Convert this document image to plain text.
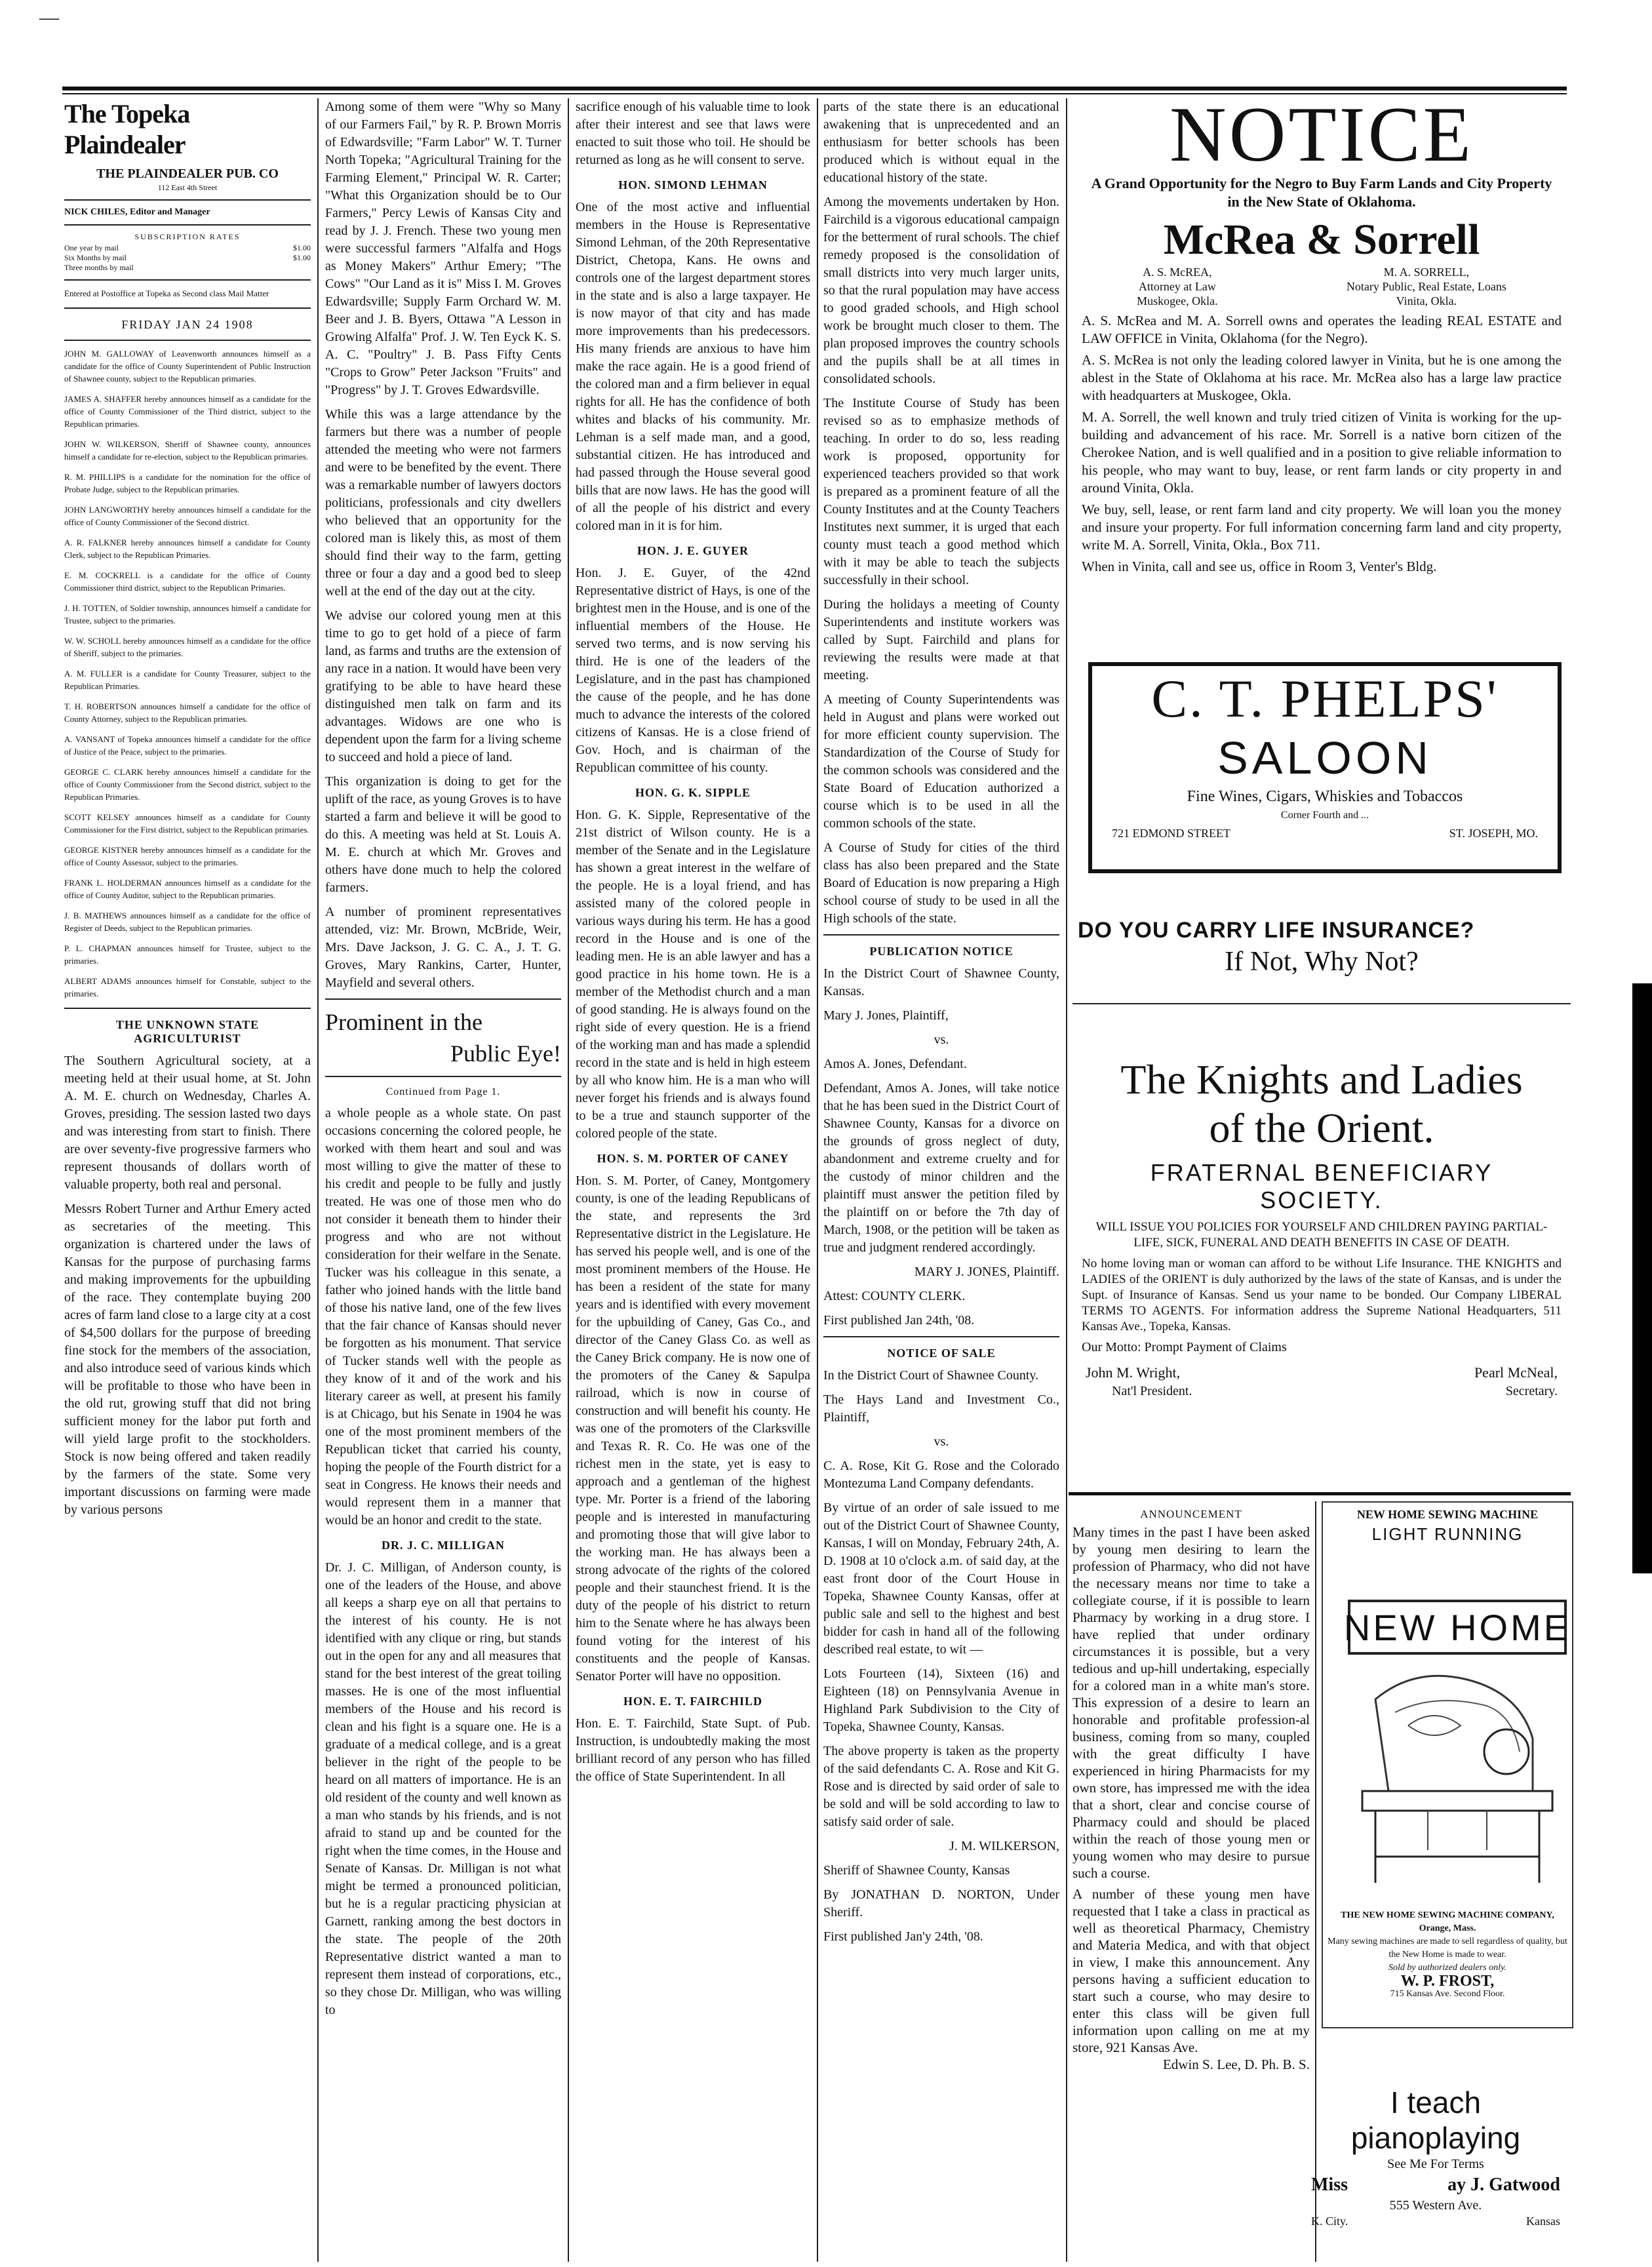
—
The Topeka Plaindealer

THE PLAINDEALER PUB. CO

112 East 4th Street

NICK CHILES, Editor and Manager

SUBSCRIPTION RATES

One year by mail	$1.00
Six Months by mail	$1.00
Three months by mail

Entered at Postoffice at Topeka as Second class Mail Matter

FRIDAY JAN 24 1908

JOHN M. GALLOWAY of Leavenworth announces himself as a candidate for the office of County Superintendent of Public Instruction of Shawnee county, subject to the Republican primaries.

JAMES A. SHAFFER hereby announces himself as a candidate for the office of County Commissioner of the Third district, subject to the Republican primaries.

JOHN W. WILKERSON, Sheriff of Shawnee county, announces himself a candidate for re-election, subject to the Republican primaries.

R. M. PHILLIPS is a candidate for the nomination for the office of Probate Judge, subject to the Republican primaries.

JOHN LANGWORTHY hereby announces himself a candidate for the office of County Commissioner of the Second district.

A. R. FALKNER hereby announces himself a candidate for County Clerk, subject to the Republican Primaries.

E. M. COCKRELL is a candidate for the office of County Commissioner third district, subject to the Republican Primaries.

J. H. TOTTEN, of Soldier township, announces himself a candidate for Trustee, subject to the primaries.

W. W. SCHOLL hereby announces himself as a candidate for the office of Sheriff, subject to the primaries.

A. M. FULLER is a candidate for County Treasurer, subject to the Republican Primaries.

T. H. ROBERTSON announces himself a candidate for the office of County Attorney, subject to the Republican primaries.

A. VANSANT of Topeka announces himself a candidate for the office of Justice of the Peace, subject to the primaries.

GEORGE C. CLARK hereby announces himself a candidate for the office of County Commissioner from the Second district, subject to the Republican Primaries.

SCOTT KELSEY announces himself as a candidate for County Commissioner for the First district, subject to the Republican primaries.

GEORGE KISTNER hereby announces himself as a candidate for the office of County Assessor, subject to the primaries.

FRANK L. HOLDERMAN announces himself as a candidate for the office of County Auditor, subject to the Republican primaries.

J. B. MATHEWS announces himself as a candidate for the office of Register of Deeds, subject to the Republican primaries.

P. L. CHAPMAN announces himself for Trustee, subject to the primaries.

ALBERT ADAMS announces himself for Constable, subject to the primaries.

THE UNKNOWN STATE AGRICULTURIST

The Southern Agricultural society, at a meeting held at their usual home, at St. John A. M. E. church on Wednesday, Charles A. Groves, presiding. The session lasted two days and was interesting from start to finish. There are over seventy-five progressive farmers who represent thousands of dollars worth of valuable property, both real and personal.

Messrs Robert Turner and Arthur Emery acted as secretaries of the meeting. This organization is chartered under the laws of Kansas for the purpose of purchasing farms and making improvements for the upbuilding of the race. They contemplate buying 200 acres of farm land close to a large city at a cost of $4,500 dollars for the purpose of breeding fine stock for the members of the association, and also introduce seed of various kinds which will be profitable to those who have been in the old rut, growing stuff that did not bring sufficient money for the labor put forth and will yield large profit to the stockholders. Stock is now being offered and taken readily by the farmers of the state. Some very important discussions on farming were made by various persons

Among some of them were "Why so Many of our Farmers Fail," by R. P. Brown Morris of Edwardsville; "Farm Labor" W. T. Turner North Topeka; "Agricultural Training for the Farming Element," Principal W. R. Carter; "What this Organization should be to Our Farmers," Percy Lewis of Kansas City and read by J. J. French. These two young men were successful farmers "Alfalfa and Hogs as Money Makers" Arthur Emery; "The Cows" "Our Land as it is" Miss I. M. Groves Edwardsville; Supply Farm Orchard W. M. Beer and J. B. Byers, Ottawa "A Lesson in Growing Alfalfa" Prof. J. W. Ten Eyck K. S. A. C. "Poultry" J. B. Pass Fifty Cents "Crops to Grow" Peter Jackson "Fruits" and "Progress" by J. T. Groves Edwardsville.

While this was a large attendance by the farmers but there was a number of people attended the meeting who were not farmers and were to be benefited by the event. There was a remarkable number of lawyers doctors politicians, professionals and city dwellers who believed that an opportunity for the colored man is likely this, as most of them should find their way to the farm, getting three or four a day and a good bed to sleep well at the end of the day out at the city.

We advise our colored young men at this time to go to get hold of a piece of farm land, as farms and truths are the extension of any race in a nation. It would have been very gratifying to be able to have heard these distinguished men talk on farm and its advantages. Widows are one who is dependent upon the farm for a living scheme to succeed and hold a piece of land.

This organization is doing to get for the uplift of the race, as young Groves is to have started a farm and believe it will be good to do this. A meeting was held at St. Louis A. M. E. church at which Mr. Groves and others have done much to help the colored farmers.

A number of prominent representatives attended, viz: Mr. Brown, McBride, Weir, Mrs. Dave Jackson, J. G. C. A., J. T. G. Groves, Mary Rankins, Carter, Hunter, Mayfield and several others.

Prominent in the
Public Eye!

Continued from Page 1.

a whole people as a whole state. On past occasions concerning the colored people, he worked with them heart and soul and was most willing to give the matter of these to his credit and people to be fully and justly treated. He was one of those men who do not consider it beneath them to hinder their progress and who are not without consideration for their welfare in the Senate. Tucker was his colleague in this senate, a father who joined hands with the little band of those his native land, one of the few lives that the fair chance of Kansas should never be forgotten as his monument. That service of Tucker stands well with the people as they know of it and of the work and his literary career as well, at present his family is at Chicago, but his Senate in 1904 he was one of the most prominent members of the Republican ticket that carried his county, hoping the people of the Fourth district for a seat in Congress. He knows their needs and would represent them in a manner that would be an honor and credit to the state.

DR. J. C. MILLIGAN

Dr. J. C. Milligan, of Anderson county, is one of the leaders of the House, and above all keeps a sharp eye on all that pertains to the interest of his county. He is not identified with any clique or ring, but stands out in the open for any and all measures that stand for the best interest of the great toiling masses. He is one of the most influential members of the House and his record is clean and his fight is a square one. He is a graduate of a medical college, and is a great believer in the right of the people to be heard on all matters of importance. He is an old resident of the county and well known as a man who stands by his friends, and is not afraid to stand up and be counted for the right when the time comes, in the House and Senate of Kansas. Dr. Milligan is not what might be termed a pronounced politician, but he is a regular practicing physician at Garnett, ranking among the best doctors in the state. The people of the 20th Representative district wanted a man to represent them instead of corporations, etc., so they chose Dr. Milligan, who was willing to

sacrifice enough of his valuable time to look after their interest and see that laws were enacted to suit those who toil. He should be returned as long as he will consent to serve.

HON. SIMOND LEHMAN

One of the most active and influential members in the House is Representative Simond Lehman, of the 20th Representative District, Chetopa, Kans. He owns and controls one of the largest department stores in the state and is also a large taxpayer. He is now mayor of that city and has made more improvements than his predecessors. His many friends are anxious to have him make the race again. He is a good friend of the colored man and a firm believer in equal rights for all. He has the confidence of both whites and blacks of his community. Mr. Lehman is a self made man, and a good, substantial citizen. He has introduced and had passed through the House several good bills that are now laws. He has the good will of all the people of his district and every colored man in it is for him.

HON. J. E. GUYER

Hon. J. E. Guyer, of the 42nd Representative district of Hays, is one of the brightest men in the House, and is one of the influential members of the House. He served two terms, and is now serving his third. He is one of the leaders of the Legislature, and in the past has championed the cause of the people, and he has done much to advance the interests of the colored citizens of Kansas. He is a close friend of Gov. Hoch, and is chairman of the Republican committee of his county.

HON. G. K. SIPPLE

Hon. G. K. Sipple, Representative of the 21st district of Wilson county. He is a member of the Senate and in the Legislature has shown a great interest in the welfare of the people. He is a loyal friend, and has assisted many of the colored people in various ways during his term. He has a good record in the House and is one of the leading men. He is an able lawyer and has a good practice in his home town. He is a member of the Methodist church and a man of good standing. He is always found on the right side of every question. He is a friend of the working man and has made a splendid record in the state and is held in high esteem by all who know him. He is a man who will never forget his friends and is always found to be a true and staunch supporter of the colored people of the state.

HON. S. M. PORTER OF CANEY

Hon. S. M. Porter, of Caney, Montgomery county, is one of the leading Republicans of the state, and represents the 3rd Representative district in the Legislature. He has served his people well, and is one of the most prominent members of the House. He has been a resident of the state for many years and is identified with every movement for the upbuilding of Caney, Gas Co., and director of the Caney Glass Co. as well as the Caney Brick company. He is now one of the promoters of the Caney & Sapulpa railroad, which is now in course of construction and will benefit his county. He was one of the promoters of the Clarksville and Texas R. R. Co. He was one of the richest men in the state, yet is easy to approach and a gentleman of the highest type. Mr. Porter is a friend of the laboring people and is interested in manufacturing and promoting those that will give labor to the working man. He has always been a strong advocate of the rights of the colored people and their staunchest friend. It is the duty of the people of his district to return him to the Senate where he has always been found voting for the interest of his constituents and the people of Kansas. Senator Porter will have no opposition.

HON. E. T. FAIRCHILD

Hon. E. T. Fairchild, State Supt. of Pub. Instruction, is undoubtedly making the most brilliant record of any person who has filled the office of State Superintendent. In all

parts of the state there is an educational awakening that is unprecedented and an enthusiasm for better schools has been produced which is without equal in the educational history of the state.

Among the movements undertaken by Hon. Fairchild is a vigorous educational campaign for the betterment of rural schools. The chief remedy proposed is the consolidation of small districts into very much larger units, so that the rural population may have access to good graded schools, and High school work be brought much closer to them. The plan proposed improves the country schools and the pupils shall be at all times in consolidated schools.

The Institute Course of Study has been revised so as to emphasize methods of teaching. In order to do so, less reading work is proposed, opportunity for experienced teachers provided so that work is prepared as a prominent feature of all the County Institutes and at the County Teachers Institutes next summer, it is urged that each county must teach a good method which with it may be able to teach the subjects successfully in their school.

During the holidays a meeting of County Superintendents and institute workers was called by Supt. Fairchild and plans for reviewing the results were made at that meeting.

A meeting of County Superintendents was held in August and plans were worked out for more efficient county supervision. The Standardization of the Course of Study for the common schools was considered and the State Board of Education authorized a course which is to be used in all the common schools of the state.

A Course of Study for cities of the third class has also been prepared and the State Board of Education is now preparing a High school course of study to be used in all the High schools of the state.

PUBLICATION NOTICE

In the District Court of Shawnee County, Kansas.

Mary J. Jones, Plaintiff,

vs.

Amos A. Jones, Defendant.

Defendant, Amos A. Jones, will take notice that he has been sued in the District Court of Shawnee County, Kansas for a divorce on the grounds of gross neglect of duty, abandonment and extreme cruelty and for the custody of minor children and the plaintiff must answer the petition filed by the plaintiff on or before the 7th day of March, 1908, or the petition will be taken as true and judgment rendered accordingly.

MARY J. JONES, Plaintiff.

Attest: COUNTY CLERK.

First published Jan 24th, '08.

NOTICE OF SALE

In the District Court of Shawnee County.

The Hays Land and Investment Co., Plaintiff,

vs.

C. A. Rose, Kit G. Rose and the Colorado Montezuma Land Company defendants.

By virtue of an order of sale issued to me out of the District Court of Shawnee County, Kansas, I will on Monday, February 24th, A. D. 1908 at 10 o'clock a.m. of said day, at the east front door of the Court House in Topeka, Shawnee County Kansas, offer at public sale and sell to the highest and best bidder for cash in hand all of the following described real estate, to wit —

Lots Fourteen (14), Sixteen (16) and Eighteen (18) on Pennsylvania Avenue in Highland Park Subdivision to the City of Topeka, Shawnee County, Kansas.

The above property is taken as the property of the said defendants C. A. Rose and Kit G. Rose and is directed by said order of sale to be sold and will be sold according to law to satisfy said order of sale.

J. M. WILKERSON,

Sheriff of Shawnee County, Kansas

By JONATHAN D. NORTON, Under Sheriff.

First published Jan'y 24th, '08.

NOTICE

A Grand Opportunity for the Negro to Buy Farm Lands and City Property in the New State of Oklahoma.

McRea & Sorrell

A. S. McREA,
Attorney at Law
Muskogee, Okla.
M. A. SORRELL,
Notary Public, Real Estate, Loans
Vinita, Okla.

A. S. McRea and M. A. Sorrell owns and operates the leading REAL ESTATE and LAW OFFICE in Vinita, Oklahoma (for the Negro).

A. S. McRea is not only the leading colored lawyer in Vinita, but he is one among the ablest in the State of Oklahoma at his race. Mr. McRea also has a large law practice with headquarters at Muskogee, Okla.

M. A. Sorrell, the well known and truly tried citizen of Vinita is working for the up-building and advancement of his race. Mr. Sorrell is a native born citizen of the Cherokee Nation, and is well qualified and in a position to give reliable information to his people, who may want to buy, lease, or rent farm lands or city property in and around Vinita, Okla.

We buy, sell, lease, or rent farm land and city property. We will loan you the money and insure your property. For full information concerning farm land and city property, write M. A. Sorrell, Vinita, Okla., Box 711.

When in Vinita, call and see us, office in Room 3, Venter's Bldg.

C. T. PHELPS'

SALOON

Fine Wines, Cigars, Whiskies and Tobaccos

Corner Fourth and ...

721 EDMOND STREET	ST. JOSEPH, MO.

DO YOU CARRY LIFE INSURANCE?

If Not, Why Not?

The Knights and Ladies

of the Orient.

FRATERNAL BENEFICIARY

SOCIETY.

WILL ISSUE YOU POLICIES FOR YOURSELF AND CHILDREN PAYING PARTIAL-LIFE, SICK, FUNERAL AND DEATH BENEFITS IN CASE OF DEATH.

No home loving man or woman can afford to be without Life Insurance. THE KNIGHTS and LADIES of the ORIENT is duly authorized by the laws of the state of Kansas, and is under the Supt. of Insurance of Kansas. Send us your name to be bonded. Our Company LIBERAL TERMS TO AGENTS. For information address the Supreme National Headquarters, 511 Kansas Ave., Topeka, Kansas.

Our Motto: Prompt Payment of Claims

John M. Wright,	Pearl McNeal,
Nat'l President.	Secretary.

ANNOUNCEMENT

Many times in the past I have been asked by young men desiring to learn the profession of Pharmacy, who did not have the necessary means nor time to take a collegiate course, if it is possible to learn Pharmacy by working in a drug store. I have replied that under ordinary circumstances it is possible, but a very tedious and up-hill undertaking, especially for a colored man in a white man's store. This expression of a desire to learn an honorable and profitable profession-al business, coming from so many, coupled with the great difficulty I have experienced in hiring Pharmacists for my own store, has impressed me with the idea that a short, clear and concise course of Pharmacy could and should be placed within the reach of those young men or young women who may desire to pursue such a course.

A number of these young men have requested that I take a class in practical as well as theoretical Pharmacy, Chemistry and Materia Medica, and with that object in view, I make this announcement. Any persons having a sufficient education to start such a course, who may desire to enter this class will be given full information upon calling on me at my store, 921 Kansas Ave.

Edwin S. Lee, D. Ph. B. S.

NEW HOME SEWING MACHINE

LIGHT RUNNING

NEW HOME
THE NEW HOME SEWING MACHINE COMPANY, Orange, Mass.
Many sewing machines are made to sell regardless of quality, but the New Home is made to wear.
Sold by authorized dealers only.
W. P. FROST,
715 Kansas Ave. Second Floor.

I teach pianoplaying

See Me For Terms

Miss	ay J. Gatwood

555 Western Ave.

K. City.	Kansas
